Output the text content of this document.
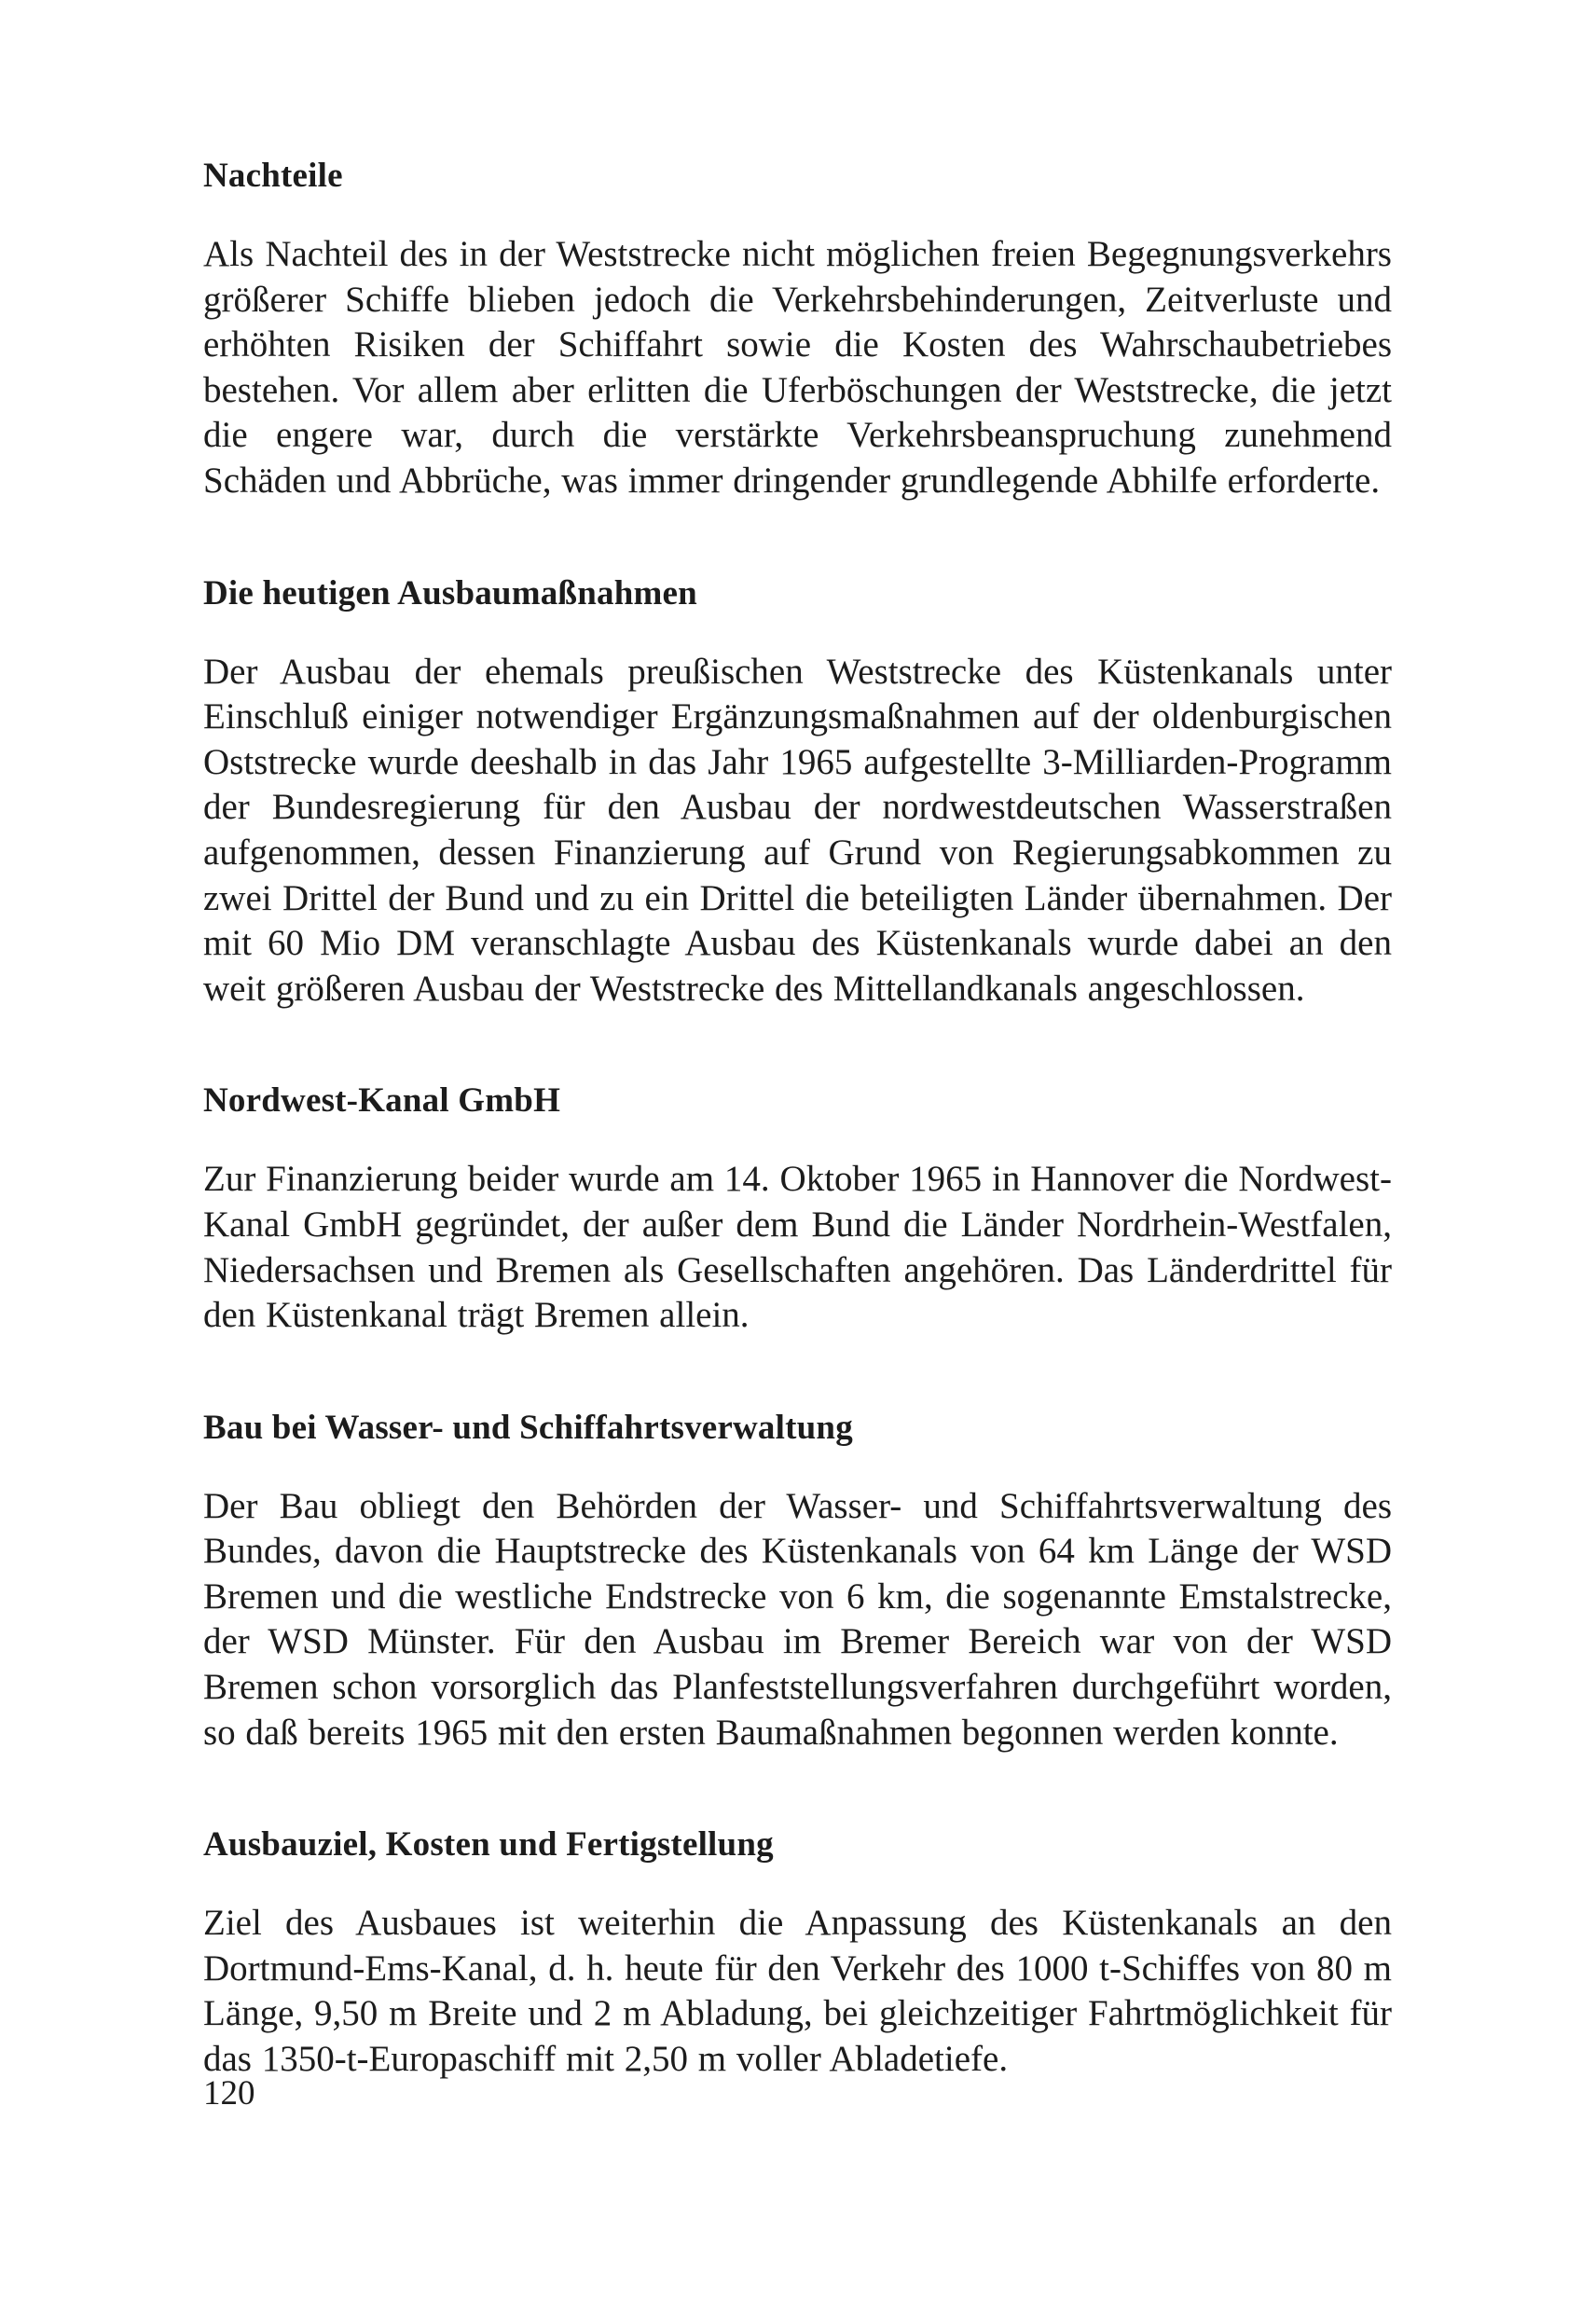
Nachteile

Als Nachteil des in der Weststrecke nicht möglichen freien Begegnungsverkehrs größerer Schiffe blieben jedoch die Verkehrsbehinderungen, Zeitverluste und erhöhten Risiken der Schiffahrt sowie die Kosten des Wahrschaubetriebes bestehen. Vor allem aber erlitten die Uferböschungen der Weststrecke, die jetzt die engere war, durch die verstärkte Verkehrsbeanspruchung zunehmend Schäden und Abbrüche, was immer dringender grundlegende Abhilfe erforderte.

Die heutigen Ausbaumaßnahmen

Der Ausbau der ehemals preußischen Weststrecke des Küstenkanals unter Einschluß einiger notwendiger Ergänzungsmaßnahmen auf der oldenburgischen Oststrecke wurde deeshalb in das Jahr 1965 aufgestellte 3-Milliarden-Programm der Bundesregierung für den Ausbau der nordwestdeutschen Wasserstraßen aufgenommen, dessen Finanzierung auf Grund von Regierungsabkommen zu zwei Drittel der Bund und zu ein Drittel die beteiligten Länder übernahmen. Der mit 60 Mio DM veranschlagte Ausbau des Küstenkanals wurde dabei an den weit größeren Ausbau der Weststrecke des Mittellandkanals angeschlossen.

Nordwest-Kanal GmbH

Zur Finanzierung beider wurde am 14. Oktober 1965 in Hannover die Nordwest-Kanal GmbH gegründet, der außer dem Bund die Länder Nordrhein-Westfalen, Niedersachsen und Bremen als Gesellschaften angehören. Das Länderdrittel für den Küstenkanal trägt Bremen allein.

Bau bei Wasser- und Schiffahrtsverwaltung

Der Bau obliegt den Behörden der Wasser- und Schiffahrtsverwaltung des Bundes, davon die Hauptstrecke des Küstenkanals von 64 km Länge der WSD Bremen und die westliche Endstrecke von 6 km, die sogenannte Emstalstrecke, der WSD Münster. Für den Ausbau im Bremer Bereich war von der WSD Bremen schon vorsorglich das Planfeststellungsverfahren durchgeführt worden, so daß bereits 1965 mit den ersten Baumaßnahmen begonnen werden konnte.

Ausbauziel, Kosten und Fertigstellung

Ziel des Ausbaues ist weiterhin die Anpassung des Küstenkanals an den Dortmund-Ems-Kanal, d. h. heute für den Verkehr des 1000 t-Schiffes von 80 m Länge, 9,50 m Breite und 2 m Abladung, bei gleichzeitiger Fahrtmöglichkeit für das 1350-t-Europaschiff mit 2,50 m voller Abladetiefe.

120
